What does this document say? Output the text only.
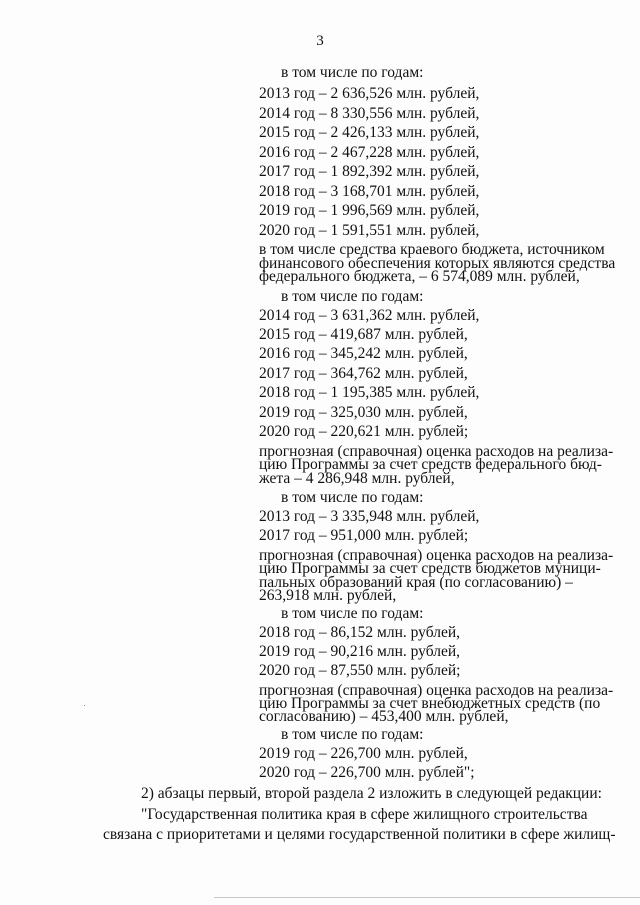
3
в том числе по годам:
2013 год – 2 636,526 млн. рублей,
2014 год – 8 330,556 млн. рублей,
2015 год – 2 426,133 млн. рублей,
2016 год – 2 467,228 млн. рублей,
2017 год – 1 892,392 млн. рублей,
2018 год – 3 168,701 млн. рублей,
2019 год – 1 996,569 млн. рублей,
2020 год – 1 591,551 млн. рублей,
в том числе средства краевого бюджета, источником
финансового обеспечения которых являются средства
федерального бюджета, – 6 574,089 млн. рублей,
в том числе по годам:
2014 год – 3 631,362 млн. рублей,
2015 год – 419,687 млн. рублей,
2016 год – 345,242 млн. рублей,
2017 год – 364,762 млн. рублей,
2018 год – 1 195,385 млн. рублей,
2019 год – 325,030 млн. рублей,
2020 год – 220,621 млн. рублей;
прогнозная (справочная) оценка расходов на реализа-
цию Программы за счет средств федерального бюд-
жета – 4 286,948 млн. рублей,
в том числе по годам:
2013 год – 3 335,948 млн. рублей,
2017 год – 951,000 млн. рублей;
прогнозная (справочная) оценка расходов на реализа-
цию Программы за счет средств бюджетов муници-
пальных образований края (по согласованию) –
263,918 млн. рублей,
в том числе по годам:
2018 год – 86,152 млн. рублей,
2019 год – 90,216 млн. рублей,
2020 год – 87,550 млн. рублей;
прогнозная (справочная) оценка расходов на реализа-
цию Программы за счет внебюджетных средств (по
согласованию) – 453,400 млн. рублей,
в том числе по годам:
2019 год – 226,700 млн. рублей,
2020 год – 226,700 млн. рублей";
2) абзацы первый, второй раздела 2 изложить в следующей редакции:
"Государственная политика края в сфере жилищного строительства
связана с приоритетами и целями государственной политики в сфере жилищ-
